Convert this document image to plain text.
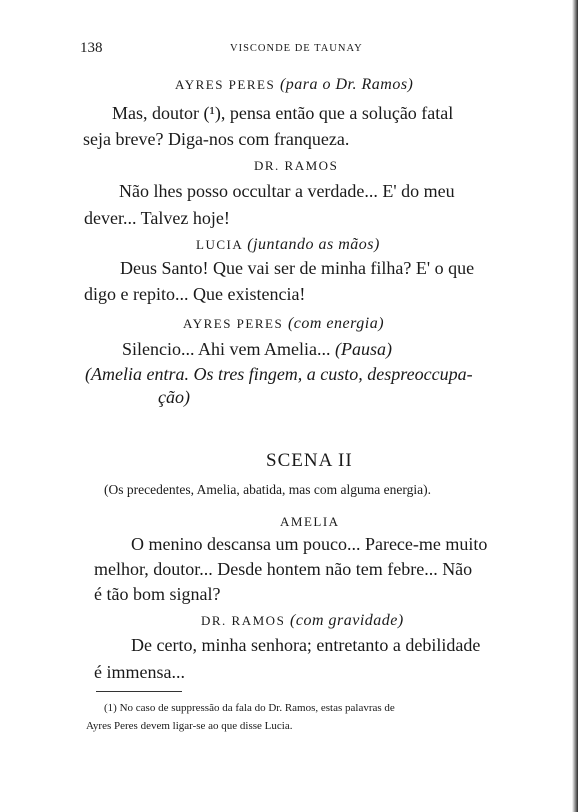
138	VISCONDE DE TAUNAY
AYRES PERES (para o Dr. Ramos)
Mas, doutor (¹), pensa então que a solução fatal
seja breve? Diga-nos com franqueza.
DR. RAMOS
Não lhes posso occultar a verdade... E' do meu
dever... Talvez hoje!
LUCIA (juntando as mãos)
Deus Santo! Que vai ser de minha filha? E' o que
digo e repito... Que existencia!
AYRES PERES (com energia)
Silencio... Ahi vem Amelia... (Pausa)
(Amelia entra. Os tres fingem, a custo, despreoccupa-
ção)
SCENA II
(Os precedentes, Amelia, abatida, mas com alguma energia).
AMELIA
O menino descansa um pouco... Parece-me muito
melhor, doutor... Desde hontem não tem febre... Não
é tão bom signal?
DR. RAMOS (com gravidade)
De certo, minha senhora; entretanto a debilidade
é immensa...
(1) No caso de suppressão da fala do Dr. Ramos, estas palavras de
Ayres Peres devem ligar-se ao que disse Lucia.
